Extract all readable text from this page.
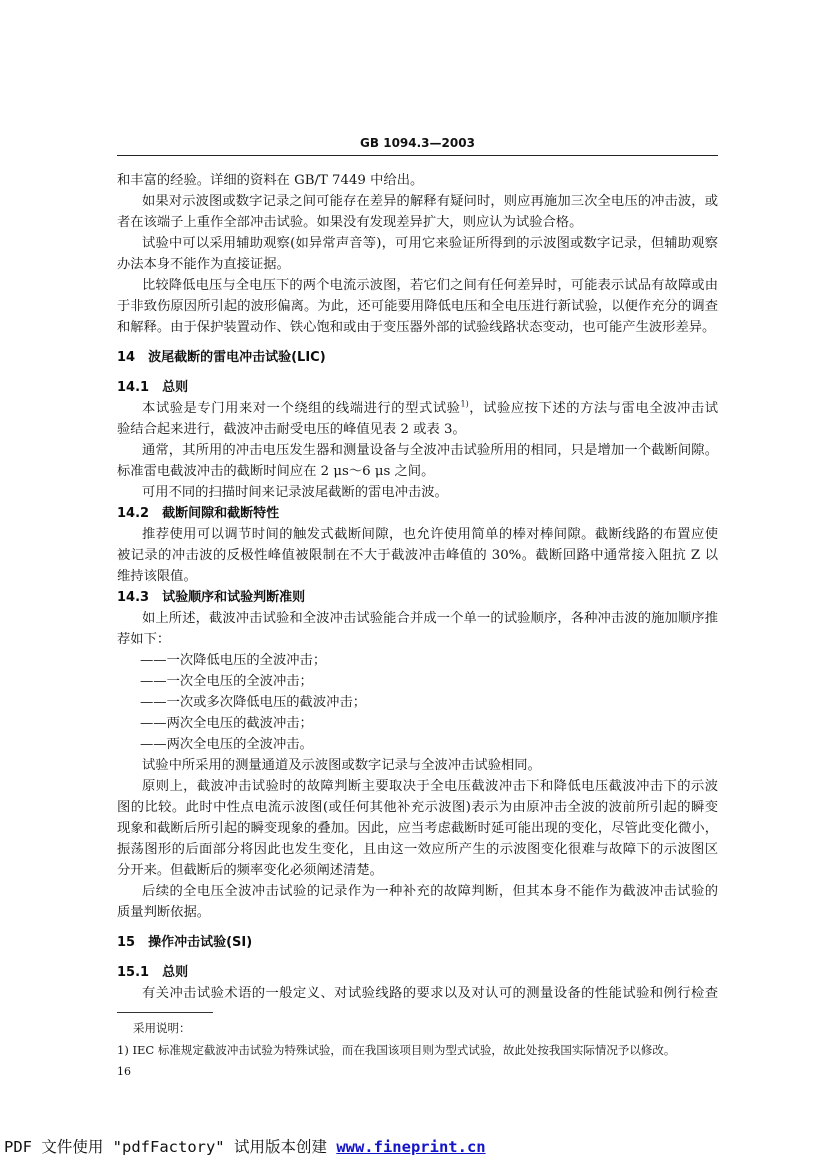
GB 1094.3—2003
和丰富的经验。详细的资料在 GB/T 7449 中给出。
如果对示波图或数字记录之间可能存在差异的解释有疑问时，则应再施加三次全电压的冲击波，或
者在该端子上重作全部冲击试验。如果没有发现差异扩大，则应认为试验合格。
试验中可以采用辅助观察(如异常声音等)，可用它来验证所得到的示波图或数字记录，但辅助观察
办法本身不能作为直接证据。
比较降低电压与全电压下的两个电流示波图，若它们之间有任何差异时，可能表示试品有故障或由
于非致伤原因所引起的波形偏离。为此，还可能要用降低电压和全电压进行新试验，以便作充分的调查
和解释。由于保护装置动作、铁心饱和或由于变压器外部的试验线路状态变动，也可能产生波形差异。
14 波尾截断的雷电冲击试验(LIC)
14.1 总则
本试验是专门用来对一个绕组的线端进行的型式试验$^{1)}$，试验应按下述的方法与雷电全波冲击试
验结合起来进行，截波冲击耐受电压的峰值见表 2 或表 3。
通常，其所用的冲击电压发生器和测量设备与全波冲击试验所用的相同，只是增加一个截断间隙。
标准雷电截波冲击的截断时间应在 2 μs～6 μs 之间。
可用不同的扫描时间来记录波尾截断的雷电冲击波。
14.2 截断间隙和截断特性
推荐使用可以调节时间的触发式截断间隙，也允许使用简单的棒对棒间隙。截断线路的布置应使
被记录的冲击波的反极性峰值被限制在不大于截波冲击峰值的 30%。截断回路中通常接入阻抗 Z 以
维持该限值。
14.3 试验顺序和试验判断准则
如上所述，截波冲击试验和全波冲击试验能合并成一个单一的试验顺序，各种冲击波的施加顺序推
荐如下：
——一次降低电压的全波冲击；
——一次全电压的全波冲击；
——一次或多次降低电压的截波冲击；
——两次全电压的截波冲击；
——两次全电压的全波冲击。
试验中所采用的测量通道及示波图或数字记录与全波冲击试验相同。
原则上，截波冲击试验时的故障判断主要取决于全电压截波冲击下和降低电压截波冲击下的示波
图的比较。此时中性点电流示波图(或任何其他补充示波图)表示为由原冲击全波的波前所引起的瞬变
现象和截断后所引起的瞬变现象的叠加。因此，应当考虑截断时延可能出现的变化，尽管此变化微小，
振荡图形的后面部分将因此也发生变化，且由这一效应所产生的示波图变化很难与故障下的示波图区
分开来。但截断后的频率变化必须阐述清楚。
后续的全电压全波冲击试验的记录作为一种补充的故障判断，但其本身不能作为截波冲击试验的
质量判断依据。
15 操作冲击试验(SI)
15.1 总则
有关冲击试验术语的一般定义、对试验线路的要求以及对认可的测量设备的性能试验和例行检查
采用说明：
1) IEC 标准规定截波冲击试验为特殊试验，而在我国该项目则为型式试验，故此处按我国实际情况予以修改。
16
PDF 文件使用 "pdfFactory" 试用版本创建 www.fineprint.cn
